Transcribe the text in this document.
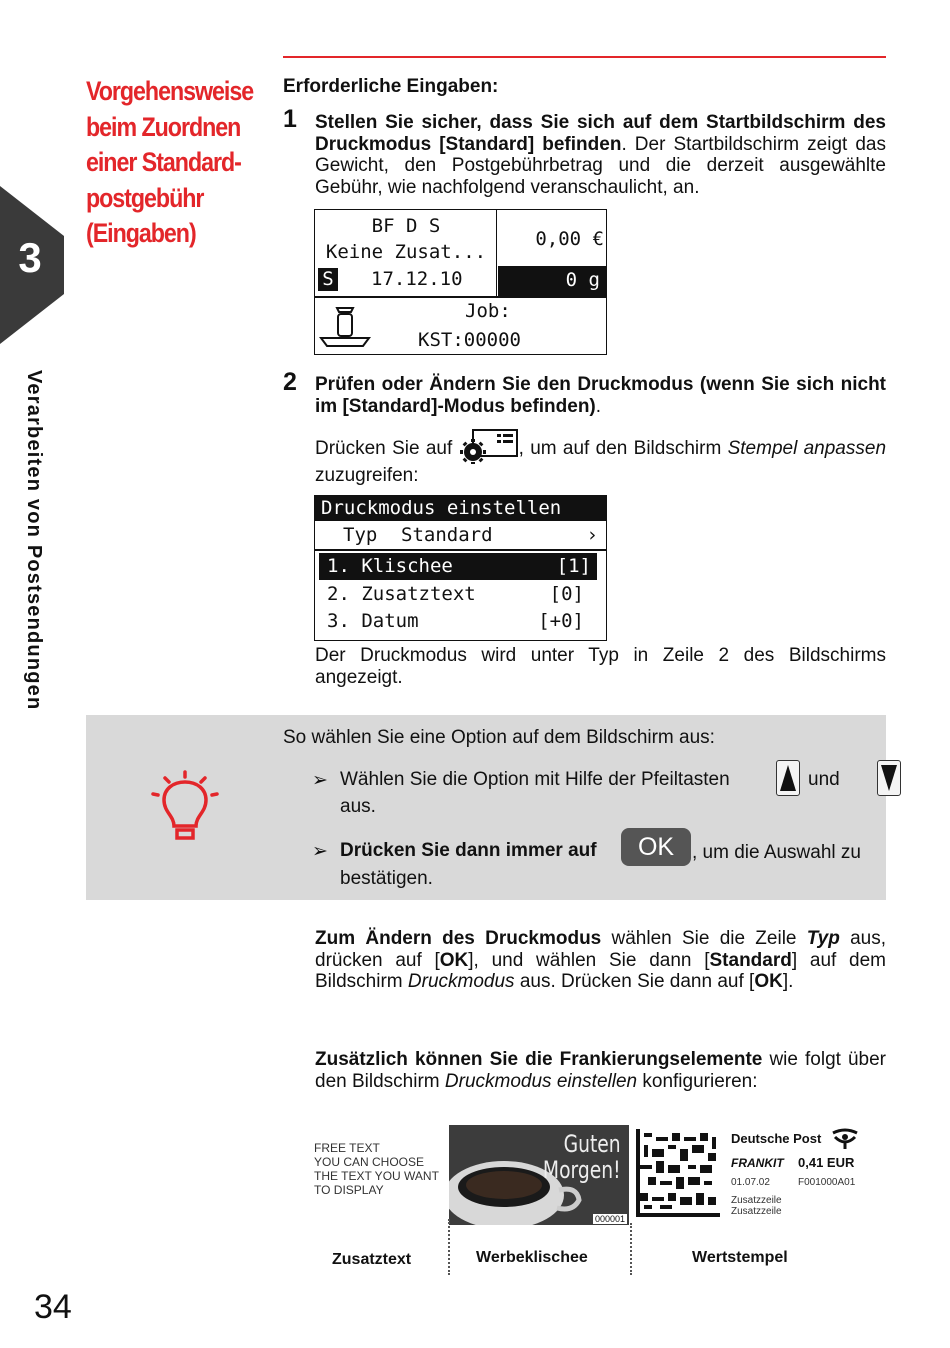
3
Verarbeiten von Postsendungen
Vorgehensweise
beim Zuordnen
einer Standard-
postgebühr
(Eingaben)
Erforderliche Eingaben:
1 Stellen Sie sicher, dass Sie sich auf dem Startbildschirm des Druckmodus [Standard] befinden. Der Startbildschirm zeigt das Gewicht, den Postgebührbetrag und die derzeit ausgewählte Gebühr, wie nachfolgend veranschaulicht, an.
BF D S
Keine Zusat...
S 17.12.10
0,00 €
0 g
Job:
KST:00000
2 Prüfen oder Ändern Sie den Druckmodus (wenn Sie sich nicht im [Standard]-Modus befinden).
Drücken Sie auf	, um auf den Bildschirm Stempel anpassen zuzugreifen:
Druckmodus einstellen
Typ Standard	›
1. Klischee	[1]
2. Zusatztext	[0]
3. Datum	[+0]
Der Druckmodus wird unter Typ in Zeile 2 des Bildschirms angezeigt.
So wählen Sie eine Option auf dem Bildschirm aus:
➢ Wählen Sie die Option mit Hilfe der Pfeiltasten
	und
aus.
➢ Drücken Sie dann immer auf	OK , um die Auswahl zu bestätigen.
Zum Ändern des Druckmodus wählen Sie die Zeile Typ aus, drücken auf [OK], und wählen Sie dann [Standard] auf dem Bildschirm Druckmodus aus. Drücken Sie dann auf [OK].
Zusätzlich können Sie die Frankierungselemente wie folgt über den Bildschirm Druckmodus einstellen konfigurieren:
FREE TEXT
YOU CAN CHOOSE
THE TEXT YOU WANT
TO DISPLAY
Guten
Morgen!
000001
Deutsche Post
FRANKIT 0,41 EUR
01.07.02	F001000A01
Zusatzzeile
Zusatzzeile
Zusatztext	Werbeklischee	Wertstempel
34
